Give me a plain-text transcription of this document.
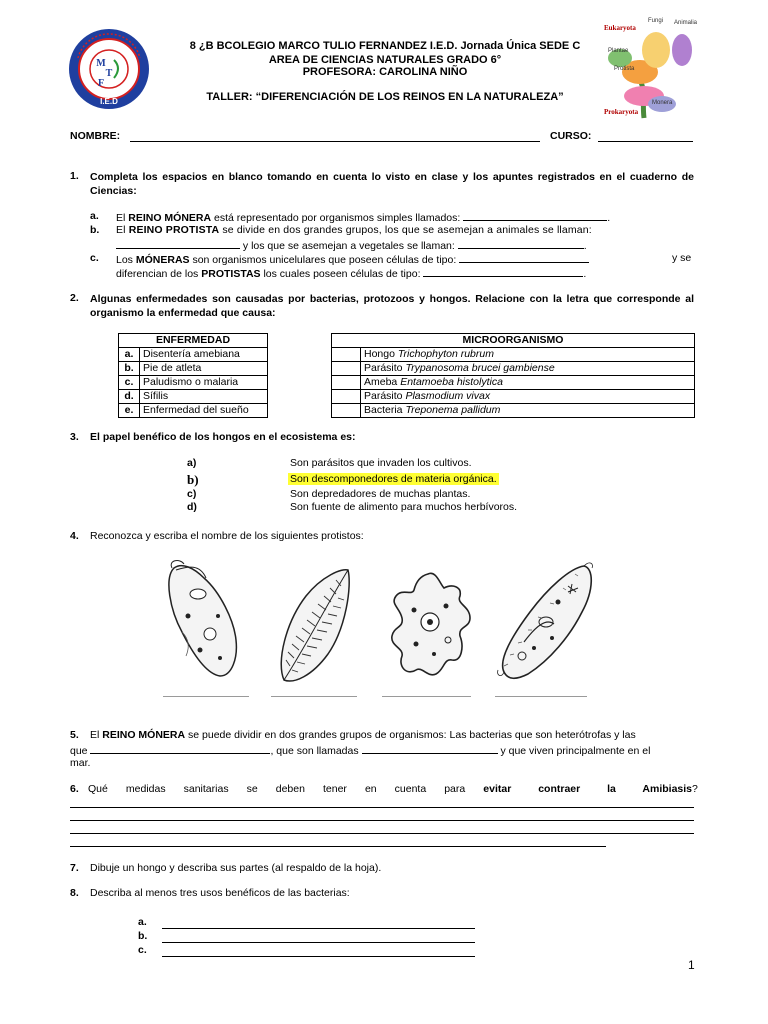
I.E.D
M
T
F
8 ¿B BCOLEGIO MARCO TULIO FERNANDEZ I.E.D. Jornada Única SEDE C
AREA DE CIENCIAS NATURALES GRADO 6°
PROFESORA: CAROLINA NIÑO
TALLER: “DIFERENCIACIÓN DE LOS REINOS EN LA NATURALEZA”
Eukaryota
Fungi Animalia
Plantae
Protista
Monera
Prokaryota
NOMBRE:	CURSO:
1. Completa los espacios en blanco tomando en cuenta lo visto en clase y los apuntes registrados en el cuaderno de Ciencias:
a. El REINO MÓNERA está representado por organismos simples llamados:	.
b. El REINO PROTISTA se divide en dos grandes grupos, los que se asemejan a animales se llaman:
y los que se asemejan a vegetales se llaman:	.
c. Los MÓNERAS son organismos unicelulares que poseen células de tipo:	y se
diferencian de los PROTISTAS los cuales poseen células de tipo:	.
2. Algunas enfermedades son causadas por bacterias, protozoos y hongos. Relacione con la letra que corresponde al organismo la enfermedad que causa:
ENFERMEDAD	
a.	Disentería amebiana
b.	Pie de atleta
c.	Paludismo o malaria
d.	Sífilis
e.	Enfermedad del sueño
MICROORGANISMO	
	Hongo Trichophyton rubrum
	Parásito Trypanosoma brucei gambiense
	Ameba Entamoeba histolytica
	Parásito Plasmodium vivax
	Bacteria Treponema pallidum
3. El papel benéfico de los hongos en el ecosistema es:
a)	Son parásitos que invaden los cultivos.
b)	Son descomponedores de materia orgánica.
c)	Son depredadores de muchas plantas.
d)	Son fuente de alimento para muchos herbívoros.
4. Reconozca y escriba el nombre de los siguientes protistos:
5. El REINO MÓNERA se puede dividir en dos grandes grupos de organismos: Las bacterias que son heterótrofas y las
que	, que son llamadas	y que viven principalmente en el
mar.
6. Qué medidas sanitarias se deben tener en cuenta para evitar contraer la Amibiasis?
7. Dibuje un hongo y describa sus partes (al respaldo de la hoja).
8. Describa al menos tres usos benéficos de las bacterias:
a.
b.
c.
1
